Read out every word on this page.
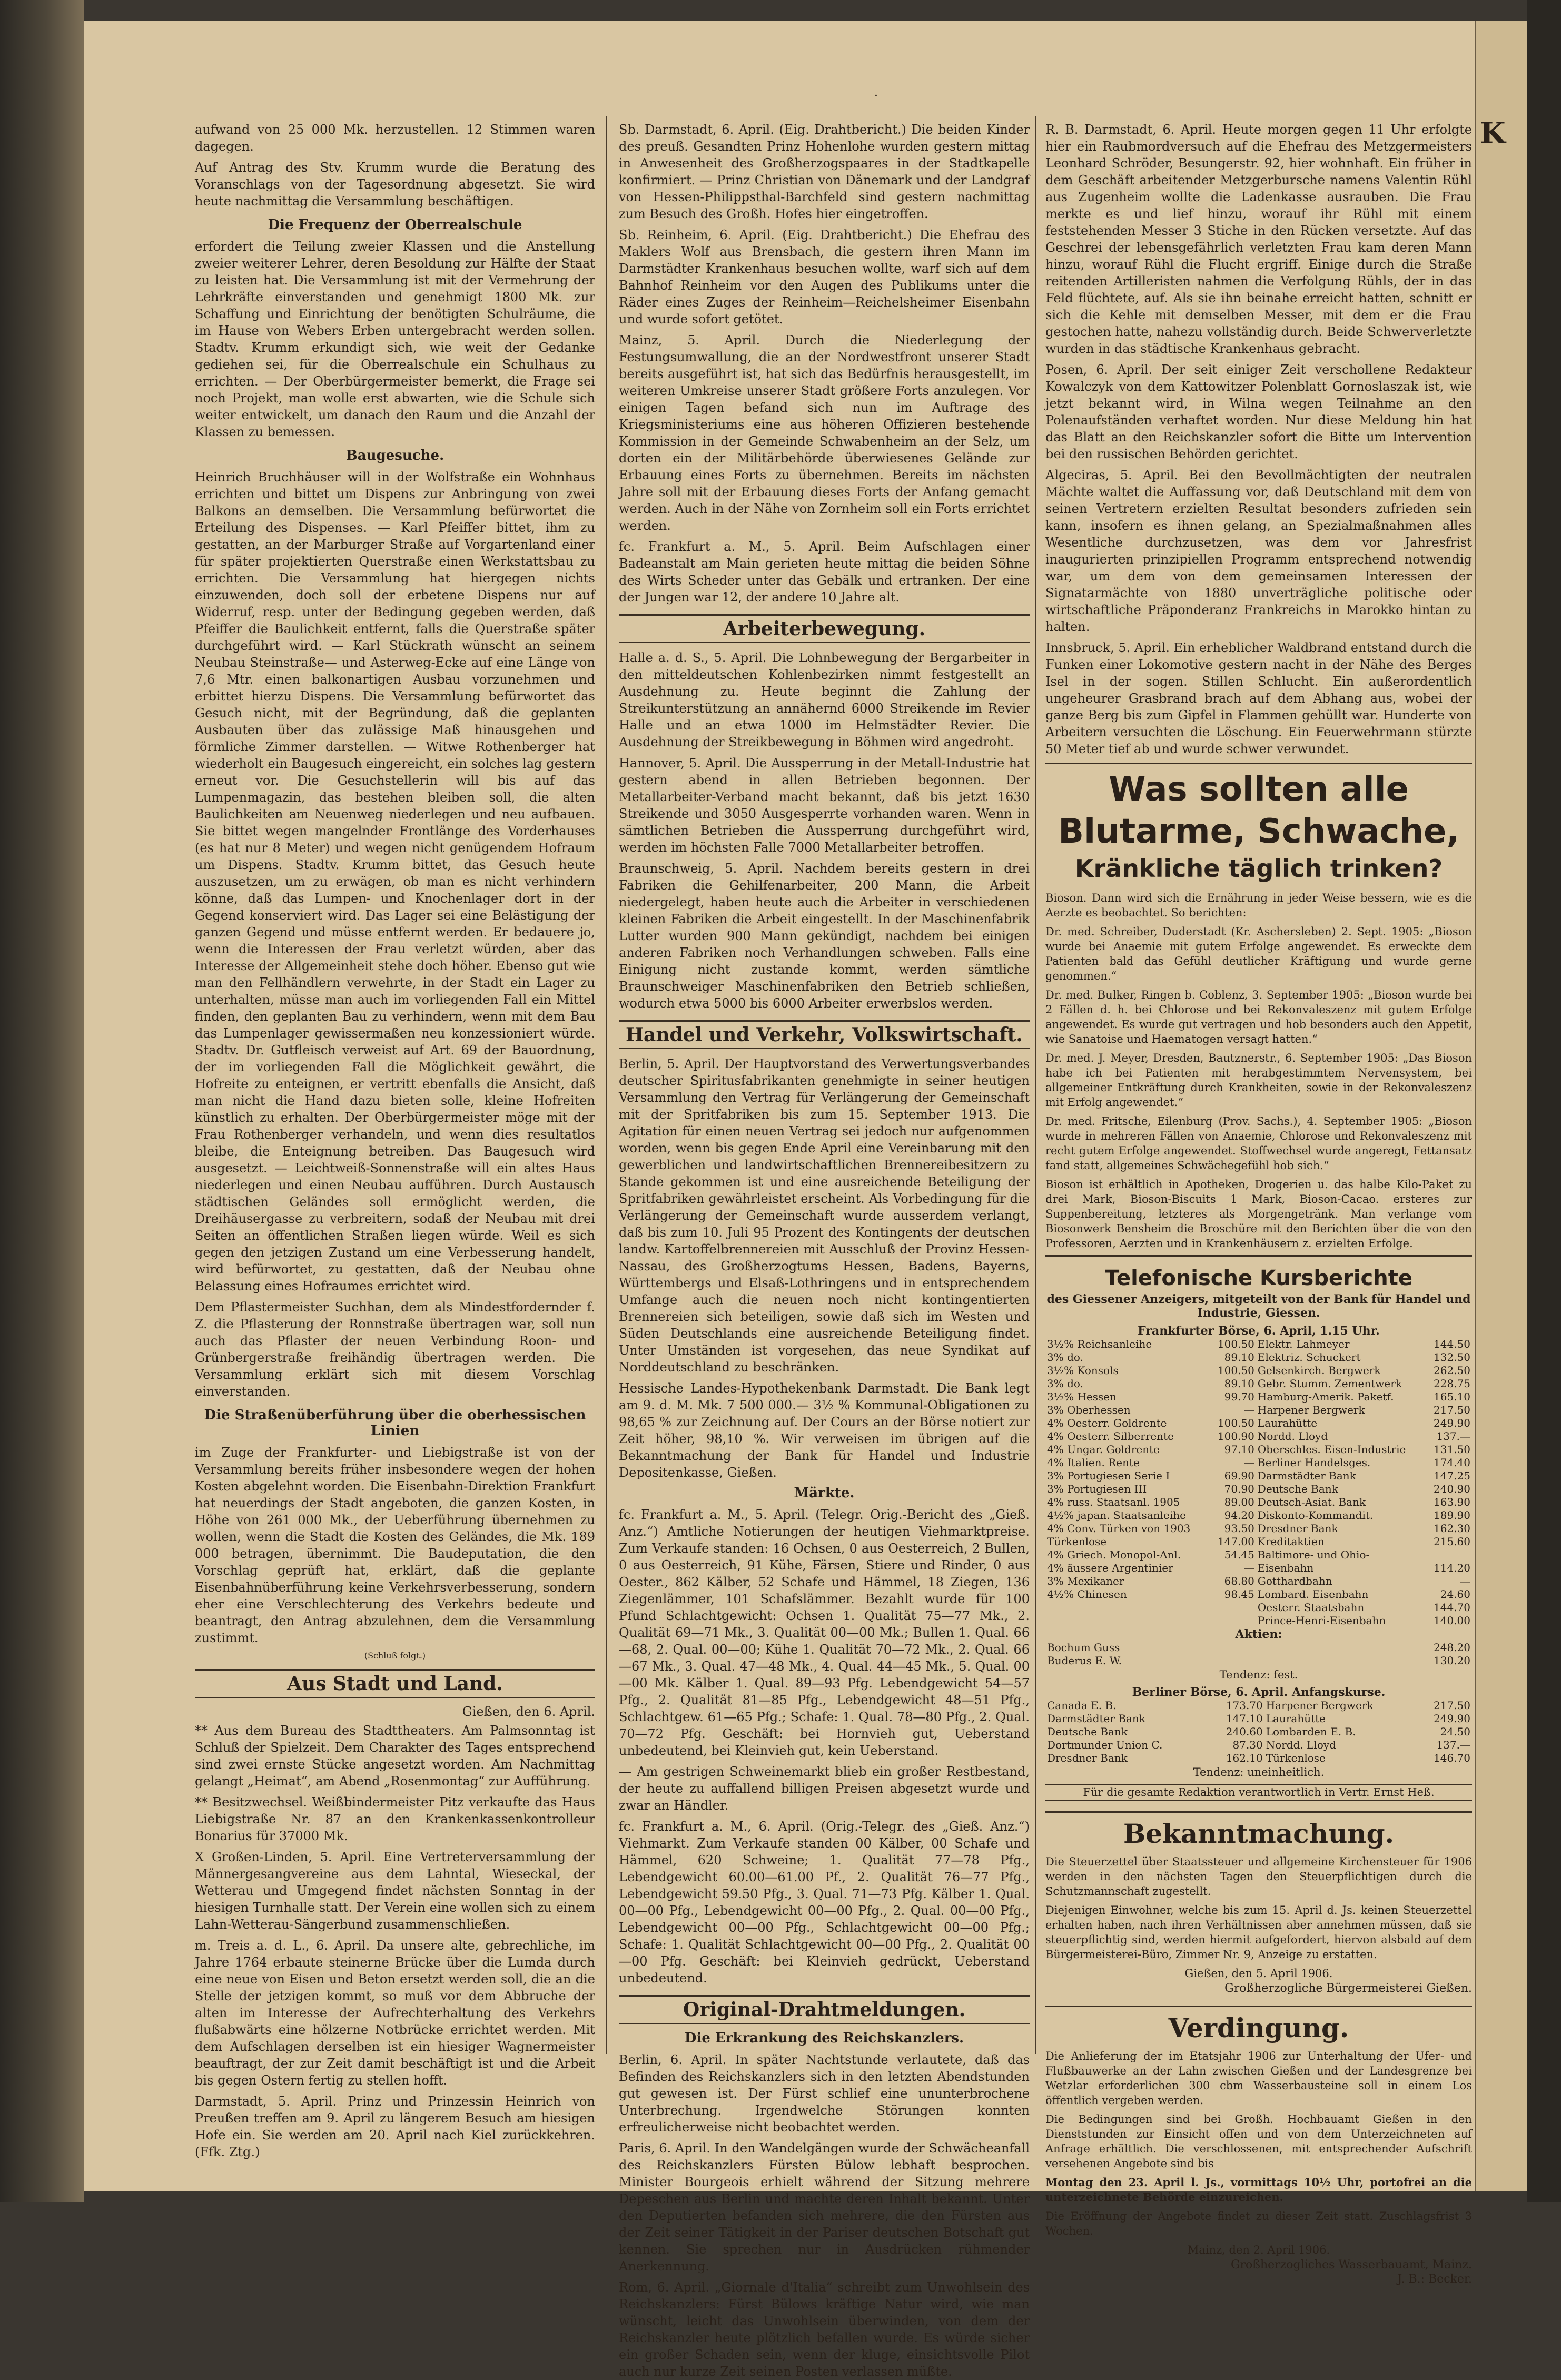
K
·

aufwand von 25 000 Mk. herzustellen. 12 Stimmen waren dagegen.

Auf Antrag des Stv. Krumm wurde die Beratung des Voranschlags von der Tagesordnung abgesetzt. Sie wird heute nachmittag die Versammlung beschäftigen.

Die Frequenz der Oberrealschule

erfordert die Teilung zweier Klassen und die Anstellung zweier weiterer Lehrer, deren Besoldung zur Hälfte der Staat zu leisten hat. Die Versammlung ist mit der Vermehrung der Lehrkräfte einverstanden und genehmigt 1800 Mk. zur Schaffung und Einrichtung der benötigten Schulräume, die im Hause von Webers Erben untergebracht werden sollen. Stadtv. Krumm erkundigt sich, wie weit der Gedanke gediehen sei, für die Oberrealschule ein Schulhaus zu errichten. — Der Oberbürgermeister bemerkt, die Frage sei noch Projekt, man wolle erst abwarten, wie die Schule sich weiter entwickelt, um danach den Raum und die Anzahl der Klassen zu bemessen.

Baugesuche.

Heinrich Bruchhäuser will in der Wolfstraße ein Wohnhaus errichten und bittet um Dispens zur Anbringung von zwei Balkons an demselben. Die Versammlung befürwortet die Erteilung des Dispenses. — Karl Pfeiffer bittet, ihm zu gestatten, an der Marburger Straße auf Vorgartenland einer für später projektierten Querstraße einen Werkstattsbau zu errichten. Die Versammlung hat hiergegen nichts einzuwenden, doch soll der erbetene Dispens nur auf Widerruf, resp. unter der Bedingung gegeben werden, daß Pfeiffer die Baulichkeit entfernt, falls die Querstraße später durchgeführt wird. — Karl Stückrath wünscht an seinem Neubau Steinstraße— und Asterweg-Ecke auf eine Länge von 7,6 Mtr. einen balkonartigen Ausbau vorzunehmen und erbittet hierzu Dispens. Die Versammlung befürwortet das Gesuch nicht, mit der Begründung, daß die geplanten Ausbauten über das zulässige Maß hinausgehen und förmliche Zimmer darstellen. — Witwe Rothenberger hat wiederholt ein Baugesuch eingereicht, ein solches lag gestern erneut vor. Die Gesuchstellerin will bis auf das Lumpenmagazin, das bestehen bleiben soll, die alten Baulichkeiten am Neuenweg niederlegen und neu aufbauen. Sie bittet wegen mangelnder Frontlänge des Vorderhauses (es hat nur 8 Meter) und wegen nicht genügendem Hofraum um Dispens. Stadtv. Krumm bittet, das Gesuch heute auszusetzen, um zu erwägen, ob man es nicht verhindern könne, daß das Lumpen- und Knochenlager dort in der Gegend konserviert wird. Das Lager sei eine Belästigung der ganzen Gegend und müsse entfernt werden. Er bedauere jo, wenn die Interessen der Frau verletzt würden, aber das Interesse der Allgemeinheit stehe doch höher. Ebenso gut wie man den Fellhändlern verwehrte, in der Stadt ein Lager zu unterhalten, müsse man auch im vorliegenden Fall ein Mittel finden, den geplanten Bau zu verhindern, wenn mit dem Bau das Lumpenlager gewissermaßen neu konzessioniert würde. Stadtv. Dr. Gutfleisch verweist auf Art. 69 der Bauordnung, der im vorliegenden Fall die Möglichkeit gewährt, die Hofreite zu enteignen, er vertritt ebenfalls die Ansicht, daß man nicht die Hand dazu bieten solle, kleine Hofreiten künstlich zu erhalten. Der Oberbürgermeister möge mit der Frau Rothenberger verhandeln, und wenn dies resultatlos bleibe, die Enteignung betreiben. Das Baugesuch wird ausgesetzt. — Leichtweiß-Sonnenstraße will ein altes Haus niederlegen und einen Neubau aufführen. Durch Austausch städtischen Geländes soll ermöglicht werden, die Dreihäusergasse zu verbreitern, sodaß der Neubau mit drei Seiten an öffentlichen Straßen liegen würde. Weil es sich gegen den jetzigen Zustand um eine Verbesserung handelt, wird befürwortet, zu gestatten, daß der Neubau ohne Belassung eines Hofraumes errichtet wird.

Dem Pflastermeister Suchhan, dem als Mindestfordernder f. Z. die Pflasterung der Ronnstraße übertragen war, soll nun auch das Pflaster der neuen Verbindung Roon- und Grünbergerstraße freihändig übertragen werden. Die Versammlung erklärt sich mit diesem Vorschlag einverstanden.

Die Straßenüberführung über die oberhessischen Linien

im Zuge der Frankfurter- und Liebigstraße ist von der Versammlung bereits früher insbesondere wegen der hohen Kosten abgelehnt worden. Die Eisenbahn-Direktion Frankfurt hat neuerdings der Stadt angeboten, die ganzen Kosten, in Höhe von 261 000 Mk., der Ueberführung übernehmen zu wollen, wenn die Stadt die Kosten des Geländes, die Mk. 189 000 betragen, übernimmt. Die Baudeputation, die den Vorschlag geprüft hat, erklärt, daß die geplante Eisenbahnüberführung keine Verkehrsverbesserung, sondern eher eine Verschlechterung des Verkehrs bedeute und beantragt, den Antrag abzulehnen, dem die Versammlung zustimmt.

(Schluß folgt.)
Aus Stadt und Land.
Gießen, den 6. April.

** Aus dem Bureau des Stadttheaters. Am Palmsonntag ist Schluß der Spielzeit. Dem Charakter des Tages entsprechend sind zwei ernste Stücke angesetzt worden. Am Nachmittag gelangt „Heimat“, am Abend „Rosenmontag“ zur Aufführung.

** Besitzwechsel. Weißbindermeister Pitz verkaufte das Haus Liebigstraße Nr. 87 an den Krankenkassenkontrolleur Bonarius für 37000 Mk.

X Großen-Linden, 5. April. Eine Vertreterversammlung der Männergesangvereine aus dem Lahntal, Wieseckal, der Wetterau und Umgegend findet nächsten Sonntag in der hiesigen Turnhalle statt. Der Verein eine wollen sich zu einem Lahn-Wetterau-Sängerbund zusammenschließen.

m. Treis a. d. L., 6. April. Da unsere alte, gebrechliche, im Jahre 1764 erbaute steinerne Brücke über die Lumda durch eine neue von Eisen und Beton ersetzt werden soll, die an die Stelle der jetzigen kommt, so muß vor dem Abbruche der alten im Interesse der Aufrechterhaltung des Verkehrs flußabwärts eine hölzerne Notbrücke errichtet werden. Mit dem Aufschlagen derselben ist ein hiesiger Wagnermeister beauftragt, der zur Zeit damit beschäftigt ist und die Arbeit bis gegen Ostern fertig zu stellen hofft.

Darmstadt, 5. April. Prinz und Prinzessin Heinrich von Preußen treffen am 9. April zu längerem Besuch am hiesigen Hofe ein. Sie werden am 20. April nach Kiel zurückkehren. (Ffk. Ztg.)

Sb. Darmstadt, 6. April. (Eig. Drahtbericht.) Die beiden Kinder des preuß. Gesandten Prinz Hohenlohe wurden gestern mittag in Anwesenheit des Großherzogspaares in der Stadtkapelle konfirmiert. — Prinz Christian von Dänemark und der Landgraf von Hessen-Philippsthal-Barchfeld sind gestern nachmittag zum Besuch des Großh. Hofes hier eingetroffen.

Sb. Reinheim, 6. April. (Eig. Drahtbericht.) Die Ehefrau des Maklers Wolf aus Brensbach, die gestern ihren Mann im Darmstädter Krankenhaus besuchen wollte, warf sich auf dem Bahnhof Reinheim vor den Augen des Publikums unter die Räder eines Zuges der Reinheim—Reichelsheimer Eisenbahn und wurde sofort getötet.

Mainz, 5. April. Durch die Niederlegung der Festungsumwallung, die an der Nordwestfront unserer Stadt bereits ausgeführt ist, hat sich das Bedürfnis herausgestellt, im weiteren Umkreise unserer Stadt größere Forts anzulegen. Vor einigen Tagen befand sich nun im Auftrage des Kriegsministeriums eine aus höheren Offizieren bestehende Kommission in der Gemeinde Schwabenheim an der Selz, um dorten ein der Militärbehörde überwiesenes Gelände zur Erbauung eines Forts zu übernehmen. Bereits im nächsten Jahre soll mit der Erbauung dieses Forts der Anfang gemacht werden. Auch in der Nähe von Zornheim soll ein Forts errichtet werden.

fc. Frankfurt a. M., 5. April. Beim Aufschlagen einer Badeanstalt am Main gerieten heute mittag die beiden Söhne des Wirts Scheder unter das Gebälk und ertranken. Der eine der Jungen war 12, der andere 10 Jahre alt.

Arbeiterbewegung.

Halle a. d. S., 5. April. Die Lohnbewegung der Bergarbeiter in den mitteldeutschen Kohlenbezirken nimmt festgestellt an Ausdehnung zu. Heute beginnt die Zahlung der Streikunterstützung an annähernd 6000 Streikende im Revier Halle und an etwa 1000 im Helmstädter Revier. Die Ausdehnung der Streikbewegung in Böhmen wird angedroht.

Hannover, 5. April. Die Aussperrung in der Metall-Industrie hat gestern abend in allen Betrieben begonnen. Der Metallarbeiter-Verband macht bekannt, daß bis jetzt 1630 Streikende und 3050 Ausgesperrte vorhanden waren. Wenn in sämtlichen Betrieben die Aussperrung durchgeführt wird, werden im höchsten Falle 7000 Metallarbeiter betroffen.

Braunschweig, 5. April. Nachdem bereits gestern in drei Fabriken die Gehilfenarbeiter, 200 Mann, die Arbeit niedergelegt, haben heute auch die Arbeiter in verschiedenen kleinen Fabriken die Arbeit eingestellt. In der Maschinenfabrik Lutter wurden 900 Mann gekündigt, nachdem bei einigen anderen Fabriken noch Verhandlungen schweben. Falls eine Einigung nicht zustande kommt, werden sämtliche Braunschweiger Maschinenfabriken den Betrieb schließen, wodurch etwa 5000 bis 6000 Arbeiter erwerbslos werden.

Handel und Verkehr, Volkswirtschaft.

Berlin, 5. April. Der Hauptvorstand des Verwertungsverbandes deutscher Spiritusfabrikanten genehmigte in seiner heutigen Versammlung den Vertrag für Verlängerung der Gemeinschaft mit der Spritfabriken bis zum 15. September 1913. Die Agitation für einen neuen Vertrag sei jedoch nur aufgenommen worden, wenn bis gegen Ende April eine Vereinbarung mit den gewerblichen und landwirtschaftlichen Brennereibesitzern zu Stande gekommen ist und eine ausreichende Beteiligung der Spritfabriken gewährleistet erscheint. Als Vorbedingung für die Verlängerung der Gemeinschaft wurde ausserdem verlangt, daß bis zum 10. Juli 95 Prozent des Kontingents der deutschen landw. Kartoffelbrennereien mit Ausschluß der Provinz Hessen-Nassau, des Großherzogtums Hessen, Badens, Bayerns, Württembergs und Elsaß-Lothringens und in entsprechendem Umfange auch die neuen noch nicht kontingentierten Brennereien sich beteiligen, sowie daß sich im Westen und Süden Deutschlands eine ausreichende Beteiligung findet. Unter Umständen ist vorgesehen, das neue Syndikat auf Norddeutschland zu beschränken.

Hessische Landes-Hypothekenbank Darmstadt. Die Bank legt am 9. d. M. Mk. 7 500 000.— 3½ % Kommunal-Obligationen zu 98,65 % zur Zeichnung auf. Der Cours an der Börse notiert zur Zeit höher, 98,10 %. Wir verweisen im übrigen auf die Bekanntmachung der Bank für Handel und Industrie Depositenkasse, Gießen.

Märkte.

fc. Frankfurt a. M., 5. April. (Telegr. Orig.-Bericht des „Gieß. Anz.“) Amtliche Notierungen der heutigen Viehmarktpreise. Zum Verkaufe standen: 16 Ochsen, 0 aus Oesterreich, 2 Bullen, 0 aus Oesterreich, 91 Kühe, Färsen, Stiere und Rinder, 0 aus Oester., 862 Kälber, 52 Schafe und Hämmel, 18 Ziegen, 136 Ziegenlämmer, 101 Schafslämmer. Bezahlt wurde für 100 Pfund Schlachtgewicht: Ochsen 1. Qualität 75—77 Mk., 2. Qualität 69—71 Mk., 3. Qualität 00—00 Mk.; Bullen 1. Qual. 66—68, 2. Qual. 00—00; Kühe 1. Qualität 70—72 Mk., 2. Qual. 66—67 Mk., 3. Qual. 47—48 Mk., 4. Qual. 44—45 Mk., 5. Qual. 00—00 Mk. Kälber 1. Qual. 89—93 Pfg. Lebendgewicht 54—57 Pfg., 2. Qualität 81—85 Pfg., Lebendgewicht 48—51 Pfg., Schlachtgew. 61—65 Pfg.; Schafe: 1. Qual. 78—80 Pfg., 2. Qual. 70—72 Pfg. Geschäft: bei Hornvieh gut, Ueberstand unbedeutend, bei Kleinvieh gut, kein Ueberstand.

— Am gestrigen Schweinemarkt blieb ein großer Restbestand, der heute zu auffallend billigen Preisen abgesetzt wurde und zwar an Händler.

fc. Frankfurt a. M., 6. April. (Orig.-Telegr. des „Gieß. Anz.“) Viehmarkt. Zum Verkaufe standen 00 Kälber, 00 Schafe und Hämmel, 620 Schweine; 1. Qualität 77—78 Pfg., Lebendgewicht 60.00—61.00 Pf., 2. Qualität 76—77 Pfg., Lebendgewicht 59.50 Pfg., 3. Qual. 71—73 Pfg. Kälber 1. Qual. 00—00 Pfg., Lebendgewicht 00—00 Pfg., 2. Qual. 00—00 Pfg., Lebendgewicht 00—00 Pfg., Schlachtgewicht 00—00 Pfg.; Schafe: 1. Qualität Schlachtgewicht 00—00 Pfg., 2. Qualität 00—00 Pfg. Geschäft: bei Kleinvieh gedrückt, Ueberstand unbedeutend.

Original-Drahtmeldungen.
Die Erkrankung des Reichskanzlers.

Berlin, 6. April. In später Nachtstunde verlautete, daß das Befinden des Reichskanzlers sich in den letzten Abendstunden gut gewesen ist. Der Fürst schlief eine ununterbrochene Unterbrechung. Irgendwelche Störungen konnten erfreulicherweise nicht beobachtet werden.

Paris, 6. April. In den Wandelgängen wurde der Schwächeanfall des Reichskanzlers Fürsten Bülow lebhaft besprochen. Minister Bourgeois erhielt während der Sitzung mehrere Depeschen aus Berlin und machte deren Inhalt bekannt. Unter den Deputierten befanden sich mehrere, die den Fürsten aus der Zeit seiner Tätigkeit in der Pariser deutschen Botschaft gut kennen. Sie sprechen nur in Ausdrücken rühmender Anerkennung.

Rom, 6. April. „Giornale d'Italia“ schreibt zum Unwohlsein des Reichskanzlers: Fürst Bülows kräftige Natur wird, wie man wünscht, leicht das Unwohlsein überwinden, von dem der Reichskanzler heute plötzlich befallen wurde. Es würde sicher ein großer Schaden sein, wenn der kluge, einsichtsvolle Pilot auch nur kurze Zeit seinen Posten verlassen müßte.

R. B. Darmstadt, 6. April. Heute morgen gegen 11 Uhr erfolgte hier ein Raubmordversuch auf die Ehefrau des Metzgermeisters Leonhard Schröder, Besungerstr. 92, hier wohnhaft. Ein früher in dem Geschäft arbeitender Metzgerbursche namens Valentin Rühl aus Zugenheim wollte die Ladenkasse ausrauben. Die Frau merkte es und lief hinzu, worauf ihr Rühl mit einem feststehenden Messer 3 Stiche in den Rücken versetzte. Auf das Geschrei der lebensgefährlich verletzten Frau kam deren Mann hinzu, worauf Rühl die Flucht ergriff. Einige durch die Straße reitenden Artilleristen nahmen die Verfolgung Rühls, der in das Feld flüchtete, auf. Als sie ihn beinahe erreicht hatten, schnitt er sich die Kehle mit demselben Messer, mit dem er die Frau gestochen hatte, nahezu vollständig durch. Beide Schwerverletzte wurden in das städtische Krankenhaus gebracht.

Posen, 6. April. Der seit einiger Zeit verschollene Redakteur Kowalczyk von dem Kattowitzer Polenblatt Gornoslaszak ist, wie jetzt bekannt wird, in Wilna wegen Teilnahme an den Polenaufständen verhaftet worden. Nur diese Meldung hin hat das Blatt an den Reichskanzler sofort die Bitte um Intervention bei den russischen Behörden gerichtet.

Algeciras, 5. April. Bei den Bevollmächtigten der neutralen Mächte waltet die Auffassung vor, daß Deutschland mit dem von seinen Vertretern erzielten Resultat besonders zufrieden sein kann, insofern es ihnen gelang, an Spezialmaßnahmen alles Wesentliche durchzusetzen, was dem vor Jahresfrist inaugurierten prinzipiellen Programm entsprechend notwendig war, um dem von dem gemeinsamen Interessen der Signatarmächte von 1880 unverträgliche politische oder wirtschaftliche Präponderanz Frankreichs in Marokko hintan zu halten.

Innsbruck, 5. April. Ein erheblicher Waldbrand entstand durch die Funken einer Lokomotive gestern nacht in der Nähe des Berges Isel in der sogen. Stillen Schlucht. Ein außerordentlich ungeheurer Grasbrand brach auf dem Abhang aus, wobei der ganze Berg bis zum Gipfel in Flammen gehüllt war. Hunderte von Arbeitern versuchten die Löschung. Ein Feuerwehrmann stürzte 50 Meter tief ab und wurde schwer verwundet.

Was sollten alle Blutarme, Schwache,
Kränkliche täglich trinken?

Bioson. Dann wird sich die Ernährung in jeder Weise bessern, wie es die Aerzte es beobachtet. So berichten:

Dr. med. Schreiber, Duderstadt (Kr. Aschersleben) 2. Sept. 1905: „Bioson wurde bei Anaemie mit gutem Erfolge angewendet. Es erweckte dem Patienten bald das Gefühl deutlicher Kräftigung und wurde gerne genommen.“

Dr. med. Bulker, Ringen b. Coblenz, 3. September 1905: „Bioson wurde bei 2 Fällen d. h. bei Chlorose und bei Rekonvaleszenz mit gutem Erfolge angewendet. Es wurde gut vertragen und hob besonders auch den Appetit, wie Sanatoise und Haematogen versagt hatten.“

Dr. med. J. Meyer, Dresden, Bautznerstr., 6. September 1905: „Das Bioson habe ich bei Patienten mit herabgestimmtem Nervensystem, bei allgemeiner Entkräftung durch Krankheiten, sowie in der Rekonvaleszenz mit Erfolg angewendet.“

Dr. med. Fritsche, Eilenburg (Prov. Sachs.), 4. September 1905: „Bioson wurde in mehreren Fällen von Anaemie, Chlorose und Rekonvaleszenz mit recht gutem Erfolge angewendet. Stoffwechsel wurde angeregt, Fettansatz fand statt, allgemeines Schwächegefühl hob sich.“

Bioson ist erhältlich in Apotheken, Drogerien u. das halbe Kilo-Paket zu drei Mark, Bioson-Biscuits 1 Mark, Bioson-Cacao. ersteres zur Suppenbereitung, letzteres als Morgengetränk. Man verlange vom Biosonwerk Bensheim die Broschüre mit den Berichten über die von den Professoren, Aerzten und in Krankenhäusern z. erzielten Erfolge.

Telefonische Kursberichte
des Giessener Anzeigers, mitgeteilt von der Bank für Handel und Industrie, Giessen.
Frankfurter Börse, 6. April, 1.15 Uhr.
3½% Reichsanleihe	100.50	Elektr. Lahmeyer	144.50
3% do.	89.10	Elektriz. Schuckert	132.50
3½% Konsols	100.50	Gelsenkirch. Bergwerk	262.50
3% do.	89.10	Gebr. Stumm. Zementwerk	228.75
3½% Hessen	99.70	Hamburg-Amerik. Paketf.	165.10
3% Oberhessen	—	Harpener Bergwerk	217.50
4% Oesterr. Goldrente	100.50	Laurahütte	249.90
4% Oesterr. Silberrente	100.90	Nordd. Lloyd	137.—
4% Ungar. Goldrente	97.10	Oberschles. Eisen-Industrie	131.50
4% Italien. Rente	—	Berliner Handelsges.	174.40
3% Portugiesen Serie I	69.90	Darmstädter Bank	147.25
3% Portugiesen III	70.90	Deutsche Bank	240.90
4% russ. Staatsanl. 1905	89.00	Deutsch-Asiat. Bank	163.90
4½% japan. Staatsanleihe	94.20	Diskonto-Kommandit.	189.90
4% Conv. Türken von 1903	93.50	Dresdner Bank	162.30
Türkenlose	147.00	Kreditaktien	215.60
4% Griech. Monopol-Anl.	54.45	Baltimore- und Ohio-	
4% äussere Argentinier	—	Eisenbahn	114.20
3% Mexikaner	68.80	Gotthardbahn	—
4½% Chinesen	98.45	Lombard. Eisenbahn	24.60
		Oesterr. Staatsbahn	144.70
		Prince-Henri-Eisenbahn	140.00
Aktien:
Bochum Guss	248.20
Buderus E. W.	130.20
Tendenz: fest.
Berliner Börse, 6. April. Anfangskurse.
Canada E. B.	173.70	Harpener Bergwerk	217.50
Darmstädter Bank	147.10	Laurahütte	249.90
Deutsche Bank	240.60	Lombarden E. B.	24.50
Dortmunder Union C.	87.30	Nordd. Lloyd	137.—
Dresdner Bank	162.10	Türkenlose	146.70
Tendenz: uneinheitlich.
Für die gesamte Redaktion verantwortlich in Vertr. Ernst Heß.
Bekanntmachung.

Die Steuerzettel über Staatssteuer und allgemeine Kirchensteuer für 1906 werden in den nächsten Tagen den Steuerpflichtigen durch die Schutzmannschaft zugestellt.

Diejenigen Einwohner, welche bis zum 15. April d. Js. keinen Steuerzettel erhalten haben, nach ihren Verhältnissen aber annehmen müssen, daß sie steuerpflichtig sind, werden hiermit aufgefordert, hiervon alsbald auf dem Bürgermeisterei-Büro, Zimmer Nr. 9, Anzeige zu erstatten.

Gießen, den 5. April 1906.
Großherzogliche Bürgermeisterei Gießen.
Verdingung.

Die Anlieferung der im Etatsjahr 1906 zur Unterhaltung der Ufer- und Flußbauwerke an der Lahn zwischen Gießen und der Landesgrenze bei Wetzlar erforderlichen 300 cbm Wasserbausteine soll in einem Los öffentlich vergeben werden.

Die Bedingungen sind bei Großh. Hochbauamt Gießen in den Dienststunden zur Einsicht offen und von dem Unterzeichneten auf Anfrage erhältlich. Die verschlossenen, mit entsprechender Aufschrift versehenen Angebote sind bis

Montag den 23. April l. Js., vormittags 10½ Uhr, portofrei an die unterzeichnete Behörde einzureichen.

Die Eröffnung der Angebote findet zu dieser Zeit statt. Zuschlagsfrist 3 Wochen.

Mainz, den 2. April 1906.
Großherzogliches Wasserbauamt, Mainz.
J. B.: Becker.
